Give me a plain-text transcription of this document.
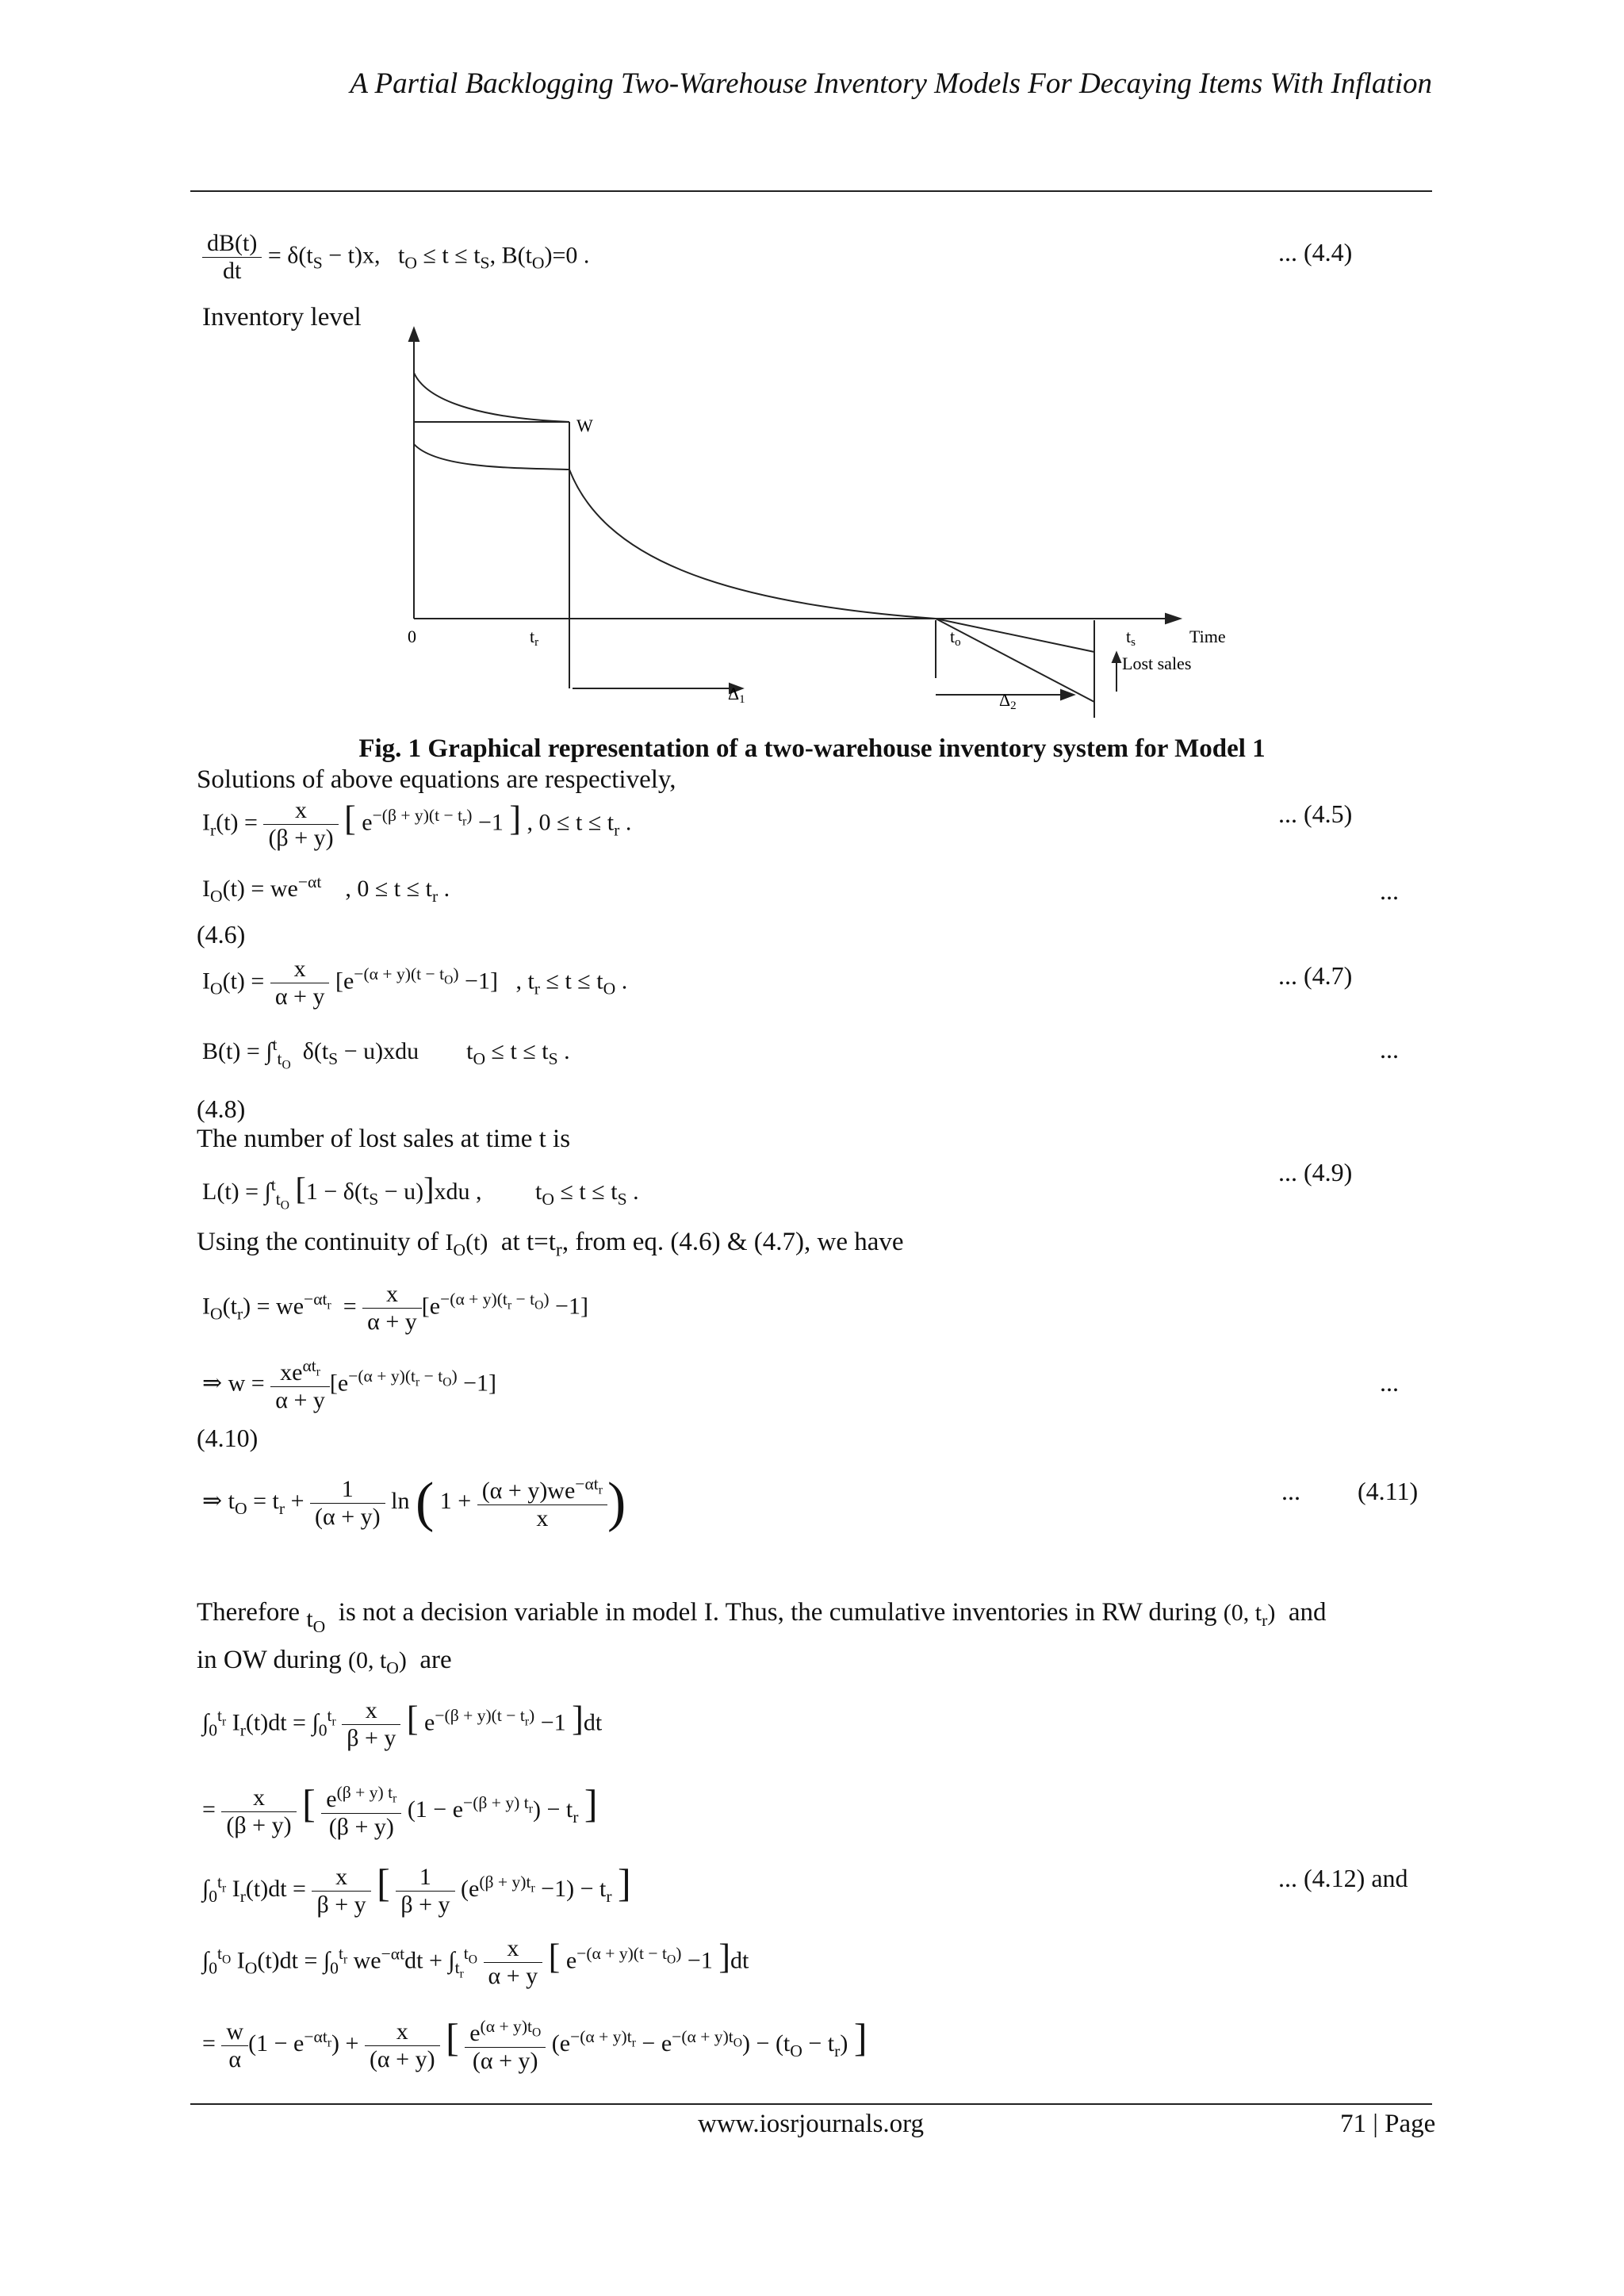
A Partial Backlogging Two-Warehouse Inventory Models For Decaying Items With Inflation
$\frac{dB(t)}{dt} = \delta(t_S - t)x$, $t_O \le t \le t_S$, $B(t_O)=0$ .	... (4.4)
Inventory level
W
0	tr	to	ts	Time
Lost sales
Δ1	Δ2
Fig. 1 Graphical representation of a two-warehouse inventory system for Model 1
Solutions of above equations are respectively,
$I_r(t) = \frac{x}{(\beta + y)}$ [ $e^{-(\beta + y)(t - t_r)} -1$ ] , $0 \le t \le t_r$ .	... (4.5)
$I_O(t) = we^{-\alpha t}$    , $0 \le t \le t_r$ .	...
(4.6)
$I_O(t) = \frac{x}{\alpha + y} [e^{-(\alpha + y)(t - t_O)} -1]$   , $t_r \le t \le t_O$ .	... (4.7)
B(t) = ∫$^t_{t_O}$  $\delta(t_S - u)xdu$        $t_O \le t \le t_S$ .	...
(4.8)
The number of lost sales at time t is
L(t) = ∫$^t_{t_O}$ $[1 - \delta(t_S - u)]xdu$ ,         $t_O \le t \le t_S$ .
... (4.9)
Using the continuity of $I_O(t)$ at $t=t_r$, from eq. (4.6) & (4.7), we have
$I_O(t_r) = we^{-\alpha t_r} = \frac{x}{\alpha + y} [e^{-(\alpha + y)(t_r - t_O)} -1]$
⇒ $w = \frac{xe^{\alpha t_r}}{\alpha + y} [e^{-(\alpha + y)(t_r - t_O)} -1]$	...
(4.10)
⇒ $t_O = t_r + \frac{1}{(\alpha + y)}$ ln ( $1 + \frac{(\alpha + y)we^{-\alpha t_r}}{x}$ )	... (4.11)
Therefore $t_O$ is not a decision variable in model I. Thus, the cumulative inventories in RW during (0, $t_r$) and
in OW during (0, $t_O$) are
$\int_0^{t_r}$ $I_r(t)dt = \int_0^{t_r} \frac{x}{\beta + y}$ [ $e^{-(\beta + y)(t - t_r)} -1$ ]dt
= $\frac{x}{(\beta + y)}$ [ $\frac{e^{(\beta + y) t_r}}{(\beta + y)} (1 - e^{-(\beta + y) t_r}) - t_r$ ]
$\int_0^{t_r}$ $I_r(t)dt = \frac{x}{\beta + y}$ [ $\frac{1}{\beta + y} (e^{(\beta + y)t_r} -1) - t_r$ ]	... (4.12) and
$\int_0^{t_O}$ $I_O(t)dt = \int_0^{t_r}$ $we^{-\alpha t}dt + \int_{t_r}^{t_O} \frac{x}{\alpha + y}$ [ $e^{-(\alpha + y)(t - t_O)} -1$ ]dt
= $\frac{w}{\alpha} (1 - e^{-\alpha t_r}) + \frac{x}{(\alpha + y)}$ [ $\frac{e^{(\alpha + y)t_O}}{(\alpha + y)} (e^{-(\alpha + y)t_r} - e^{-(\alpha + y)t_O}) - (t_O - t_r)$ ]
www.iosrjournals.org	71 | Page
